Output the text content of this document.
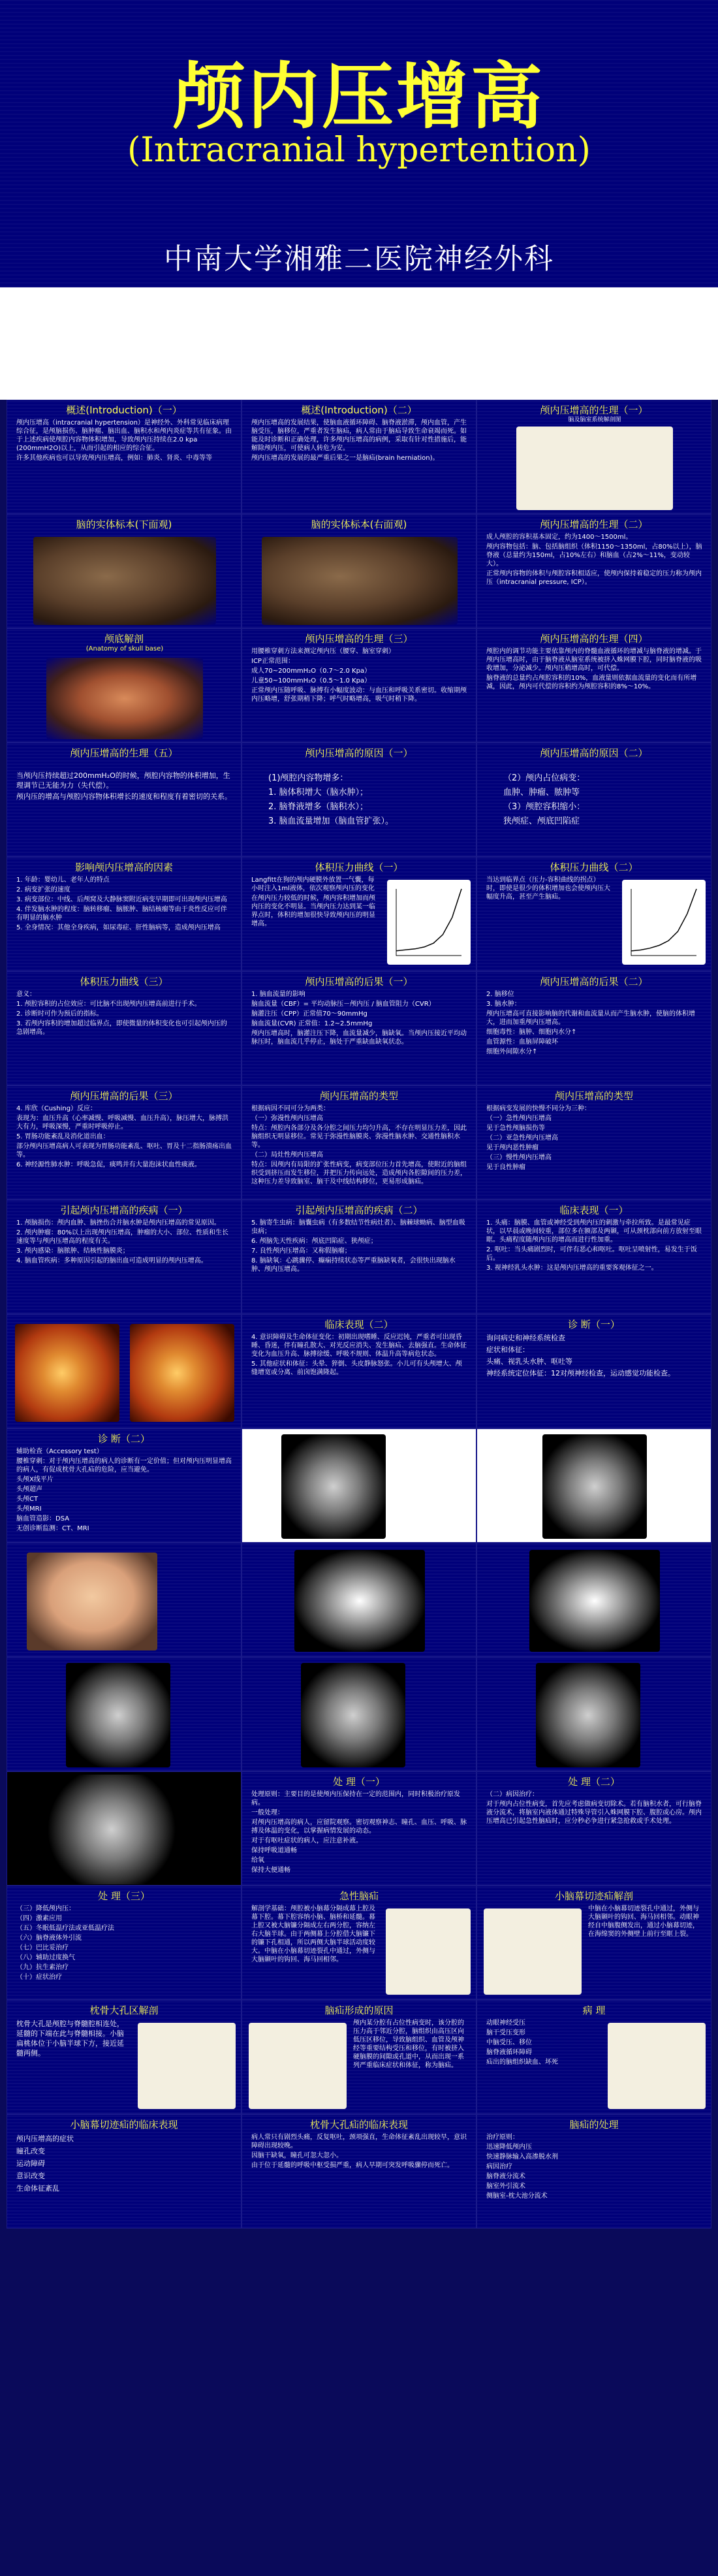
颅内压增高
(Intracranial hypertention)
中南大学湘雅二医院神经外科
概述(Introduction)（一）
颅内压增高（intracranial hypertension）是神经外、外科常见临床病理综合征，是颅脑损伤、脑肿瘤、脑出血、脑积水和颅内炎症等共有征象。由于上述疾病使颅腔内容物体积增加，导致颅内压持续在2.0 kpa (200mmH2O)以上，从而引起的相应的综合征。
许多其他疾病也可以导致颅内压增高，例如：肺炎、肾炎、中毒等等
概述(Introduction)（二）
颅内压增高的发展结果，使脑血液循环障碍、脑脊液淤滞，颅内血管，产生脑受压，脑移位，严重者发生脑疝，病人常由于脑疝导致生命衰竭而死。如能及时诊断和正确处理，许多颅内压增高的病例，采取有针对性措施后，能解除颅内压，可使病人转危为安。
颅内压增高的发展的最严重后果之一是脑疝(brain herniation)。
颅内压增高的生理（一）
脑及脑室系统解剖图
脑的实体标本(下面观)	脑的实体标本(右面观)	颅内压增高的生理（二）
成人颅腔的容积基本固定，约为1400～1500ml。
颅内容物包括：脑、包括脑组织（体积1150～1350ml，占80%以上），脑脊液（总量约为150ml，占10%左右）和脑血（占2%～11%，变动较大）。
正常颅内容物的体积与颅腔容积相适应，使颅内保持着稳定的压力称为颅内压（intracranial pressure, ICP）。
颅底解剖
(Anatomy of skull base)
颅内压增高的生理（三）
用腰椎穿刺方法来测定颅内压（腰穿、脑室穿刺）
ICP正常范围：
成人70~200mmH₂O（0.7～2.0 Kpa）
儿童50~100mmH₂O（0.5～1.0 Kpa）
正常颅内压随呼吸、脉搏有小幅度波动：与血压和呼吸关系密切。收缩期颅内压略增，舒张期稍下降；呼气时略增高，吸气时稍下降。
颅内压增高的生理（四）
颅腔内的调节功能主要依靠颅内的脊髓血液循环的增减与脑脊液的增减。于颅内压增高时，由于脑脊液从脑室系统被挤入蛛网膜下腔，同时脑脊液的吸收增加，分泌减少。颅内压稍增高时，可代偿。
脑脊液的总量约占颅腔容积的10%，血液量则依据血流量的变化而有所增减，因此，颅内可代偿的容积约为颅腔容积的8%～10%。
颅内压增高的生理（五）
当颅内压持续超过200mmH₂O的时候，颅腔内容物的体积增加，生理调节已无能为力（失代偿）。
颅内压的增高与颅腔内容物体积增长的速度和程度有着密切的关系。
颅内压增高的原因（一）
(1)颅腔内容物增多：
1. 脑体积增大（脑水肿）；
2. 脑脊液增多（脑积水）；
3. 脑血流量增加（脑血管扩张）。
颅内压增高的原因（二）
（2）颅内占位病变：
血肿、肿瘤、脓肿等
（3）颅腔容积缩小：
狭颅症、颅底凹陷症
影响颅内压增高的因素
1. 年龄：婴幼儿、老年人的特点
2. 病变扩张的速度
3. 病变部位：中线、后颅窝及大静脉窦附近病变早期即可出现颅内压增高
4. 伴发脑水肿的程度：脑转移瘤、脑脓肿、脑结核瘤等由于炎性反应可伴有明显的脑水肿
5. 全身情况：其他全身疾病，如尿毒症、肝性脑病等，造成颅内压增高
体积压力曲线（一）
Langfitt在狗的颅内硬膜外放置一气囊，每小时注入1ml液体，依次观察颅内压的变化
在颅内压力较低的时候，颅内容积增加而颅内压的变化不明显。当颅内压力达到某一临界点时，体积的增加很快导致颅内压的明显增高。
体积压力曲线（二）
当达到临界点（压力-容积曲线的拐点）时，即使是很少的体积增加也会使颅内压大幅度升高，甚至产生脑疝。
体积压力曲线（三）
意义：
1. 颅腔容积的占位效应：可比脑不出现颅内压增高前进行手术。
2. 诊断时可作为预后的指标。
3. 若颅内容积的增加超过临界点，即使微量的体积变化也可引起颅内压的急剧增高。
颅内压增高的后果（一）
1. 脑血流量的影响
脑血流量（CBF）= 平均动脉压－颅内压 / 脑血管阻力（CVR）
脑灌注压（CPP）正常值70～90mmHg
脑血流量(CVR) 正常值：1.2~2.5mmHg
颅内压增高时，脑灌注压下降，血流量减少，脑缺氧。当颅内压接近平均动脉压时，脑血流几乎停止，脑处于严重缺血缺氧状态。
颅内压增高的后果（二）
2. 脑移位
3. 脑水肿：
颅内压增高可直接影响脑的代谢和血流量从而产生脑水肿，使脑的体积增大，进而加重颅内压增高。
细胞毒性：脑肿、细胞内水分↑
血管源性：血脑屏障破坏
细胞外间隙水分↑
颅内压增高的后果（三）
4. 库欣（Cushing）反应：
表现为：血压升高（心率减慢、呼吸减慢、血压升高），脉压增大，脉搏洪大有力，呼吸深慢，严重时呼吸停止。
5. 胃肠功能紊乱及消化道出血：
部分颅内压增高病人可表现为胃肠功能紊乱、呕吐、胃及十二指肠溃疡出血等。
6. 神经源性肺水肿：呼吸急促，痰鸣并有大量泡沫状血性痰液。
颅内压增高的类型
根据病因不同可分为两类：
（一）弥漫性颅内压增高
特点：颅腔内各部分及各分腔之间压力均匀升高，不存在明显压力差，因此脑组织无明显移位。常见于弥漫性脑膜炎、弥漫性脑水肿、交通性脑积水等。
（二）局灶性颅内压增高
特点：因颅内有局限的扩张性病变，病变部位压力首先增高，使附近的脑组织受到挤压而发生移位，并把压力传向远处，造成颅内各腔隙间的压力差，这种压力差导致脑室、脑干及中线结构移位，更易形成脑疝。
颅内压增高的类型
根据病变发展的快慢不同分为三种：
（一）急性颅内压增高
见于急性颅脑损伤等
（二）亚急性颅内压增高
见于颅内恶性肿瘤
（三）慢性颅内压增高
见于良性肿瘤
引起颅内压增高的疾病（一）
1. 颅脑损伤：颅内血肿、脑挫伤合并脑水肿是颅内压增高的常见原因。
2. 颅内肿瘤：80%以上出现颅内压增高，肿瘤的大小、部位、性质和生长速度等与颅内压增高的程度有关。
3. 颅内感染：脑脓肿、结核性脑膜炎；
4. 脑血管疾病：多种原因引起的脑出血可造成明显的颅内压增高。
引起颅内压增高的疾病（二）
5. 脑寄生虫病：脑囊虫病（有多数结节性病灶者）、脑棘球蚴病、脑型血吸虫病；
6. 颅脑先天性疾病：颅底凹陷症、狭颅症；
7. 良性颅内压增高：又称假脑瘤；
8. 脑缺氧：心跳骤停、癫痫持续状态等严重脑缺氧者，会很快出现脑水肿、颅内压增高。
临床表现（一）
1. 头痛：脑膜、血管或神经受到颅内压的刺激与牵拉所致。是最常见症状，以早晨或晚间较重，部位多在额部及两颞，可从颈枕部向前方放射至眼眶。头痛程度随颅内压的增高而进行性加重。
2. 呕吐：当头痛剧烈时，可伴有恶心和呕吐。呕吐呈喷射性，易发生于饭后。
3. 视神经乳头水肿：这是颅内压增高的重要客观体征之一。
临床表现（二）
4. 意识障碍及生命体征变化：初期出现嗜睡、反应迟钝，严重者可出现昏睡、昏迷，伴有瞳孔散大、对光反应消失、发生脑疝、去脑强直。生命体征变化为血压升高、脉搏徐缓、呼吸不规则、体温升高等病危状态。
5. 其他症状和体征：头晕、猝倒、头皮静脉怒张。小儿可有头颅增大、颅缝增宽或分离、前囟饱满隆起。
诊 断（一）
询问病史和神经系统检查
症状和体征：
头痛、视乳头水肿、呕吐等
神经系统定位体征：12对颅神经检查，运动感觉功能检查。
诊 断（二）
辅助检查（Accessory test）
腰椎穿刺：对于颅内压增高的病人的诊断有一定价值；但对颅内压明显增高的病人，有促成枕骨大孔疝的危险，应当避免。
头颅X线平片
头颅超声
头颅CT
头颅MRI
脑血管造影：DSA
无创诊断监测：CT、MRI
处 理（一）
处理原则：主要目的是使颅内压保持在一定的范围内，同时积极治疗原发病。
一般处理：
对颅内压增高的病人，应留院观察。密切观察神志、瞳孔、血压、呼吸、脉搏及体温的变化，以掌握病情发展的动态。
对于有呕吐症状的病人，应注意补液。
保持呼吸道通畅
给氧
保持大便通畅
处 理（二）
（二）病因治疗：
对于颅内占位性病变，首先应考虑做病变切除术。若有脑积水者，可行脑脊液分流术，将脑室内液体通过特殊导管引入蛛网膜下腔、腹腔或心房。颅内压增高已引起急性脑疝时，应分秒必争进行紧急抢救或手术处理。
处 理（三）
（三）降低颅内压：
（四）激素应用
（五）冬眠低温疗法或亚低温疗法
（六）脑脊液体外引流
（七）巴比妥治疗
（八）辅助过度换气
（九）抗生素治疗
（十）症状治疗
急性脑疝
解剖学基础：颅腔被小脑幕分隔成幕上腔及幕下腔。幕下腔容纳小脑、脑桥和延髓。幕上腔又被大脑镰分隔成左右两分腔，容纳左右大脑半球。由于两侧幕上分腔借大脑镰下的镰下孔相通，所以两侧大脑半球活动度较大。中脑在小脑幕切迹裂孔中通过，外侧与大脑颞叶的钩回、海马回相邻。
小脑幕切迹疝解剖
中脑在小脑幕切迹裂孔中通过，外侧与大脑颞叶的钩回、海马回相邻。动眼神经自中脑腹侧发出，通过小脑幕切迹，在海绵窦的外侧壁上前行至眶上裂。
枕骨大孔区解剖
枕骨大孔是颅腔与脊髓腔相连处，延髓的下端在此与脊髓相接。小脑扁桃体位于小脑半球下方，接近延髓两侧。
脑疝形成的原因
颅内某分腔有占位性病变时，该分腔的压力高于邻近分腔，脑组织由高压区向低压区移位，导致脑组织、血管及颅神经等重要结构受压和移位，有时被挤入硬脑膜的间隙或孔道中，从而出现一系列严重临床症状和体征，称为脑疝。
病 理
动眼神经受压
脑干受压变形
中脑受压、移位
脑脊液循环障碍
疝出的脑组织缺血、坏死
小脑幕切迹疝的临床表现
颅内压增高的症状
瞳孔改变
运动障碍
意识改变
生命体征紊乱
枕骨大孔疝的临床表现
病人常只有剧烈头痛，反复呕吐，颈项强直，生命体征紊乱出现较早，意识障碍出现较晚。
因脑干缺氧，瞳孔可忽大忽小。
由于位于延髓的呼吸中枢受损严重，病人早期可突发呼吸骤停而死亡。
脑疝的处理
治疗原则：
迅速降低颅内压
快速静脉输入高渗脱水剂
病因治疗
脑脊液分流术
脑室外引流术
侧脑室-枕大池分流术
